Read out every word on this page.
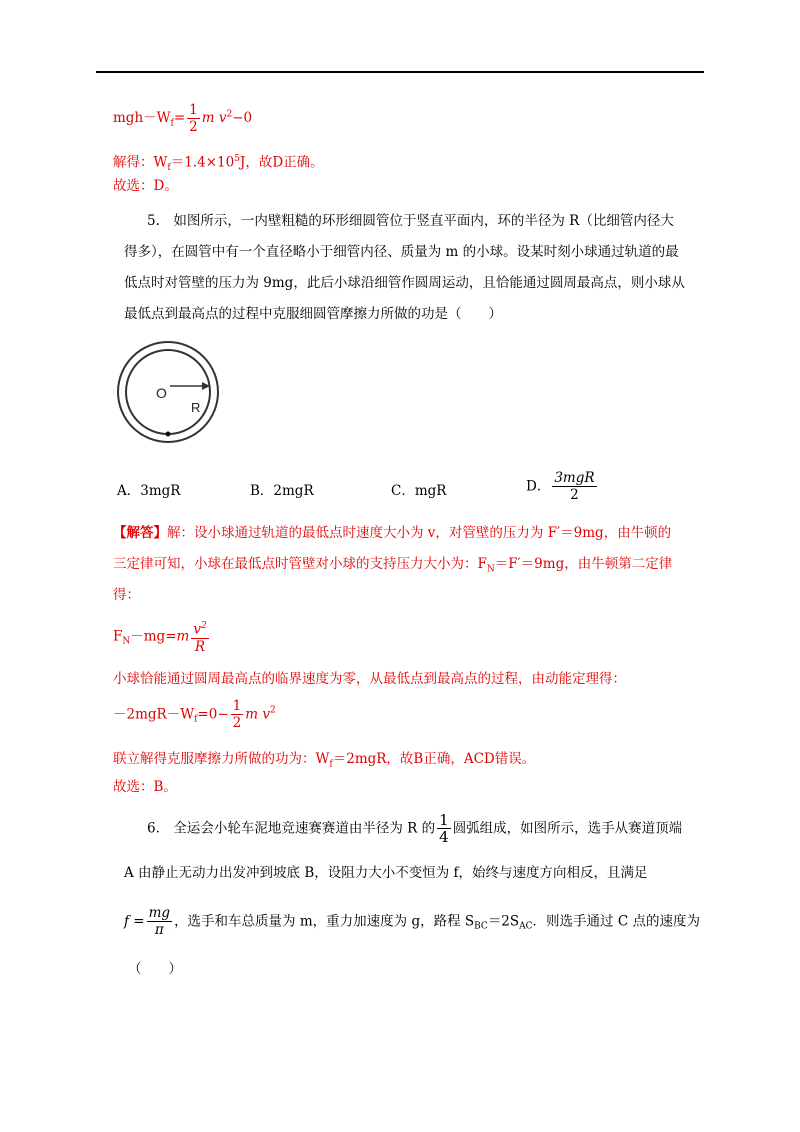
$mgh-W_f= \frac{1}{2}$ m $v^2-0$
解得：$W_f=1.4\times 10^5J$，故D正确。
故选：D。
5.　如图所示，一内壁粗糙的环形细圆管位于竖直平面内，环的半径为 R（比细管内径大
得多），在圆管中有一个直径略小于细管内径、质量为 m 的小球。设某时刻小球通过轨道的最
低点时对管壁的压力为 9mg，此后小球沿细管作圆周运动，且恰能通过圆周最高点，则小球从
最低点到最高点的过程中克服细圆管摩擦力所做的功是（　　）
O
R
A．3mgR	B．2mgR	C．mgR	D． $\frac{\text{3mgR}}{2}$
【解答】解：设小球通过轨道的最低点时速度大小为 v，对管壁的压力为 F′＝9mg，由牛顿的
三定律可知，小球在最低点时管壁对小球的支持压力大小为：$F_N=F'=9mg$，由牛顿第二定律
得：
$F_N-mg=m \frac{v^2}{R}$
小球恰能通过圆周最高点的临界速度为零，从最低点到最高点的过程，由动能定理得：
$-2mgR-W_f=0- \frac{1}{2}$ m $v^2$
联立解得克服摩擦力所做的功为：$W_f=2mgR$，故B正确，ACD错误。
故选：B。
6.　全运会小轮车泥地竞速赛赛道由半径为 R 的 $\frac{1}{4}$ 圆弧组成，如图所示，选手从赛道顶端
A 由静止无动力出发冲到坡底 B，设阻力大小不变恒为 f，始终与速度方向相反，且满足
$f = \frac{mg}{\pi}$ ，选手和车总质量为 m，重力加速度为 g，路程 $S_{BC}=2S_{AC}$．则选手通过 C 点的速度为
（　　）
